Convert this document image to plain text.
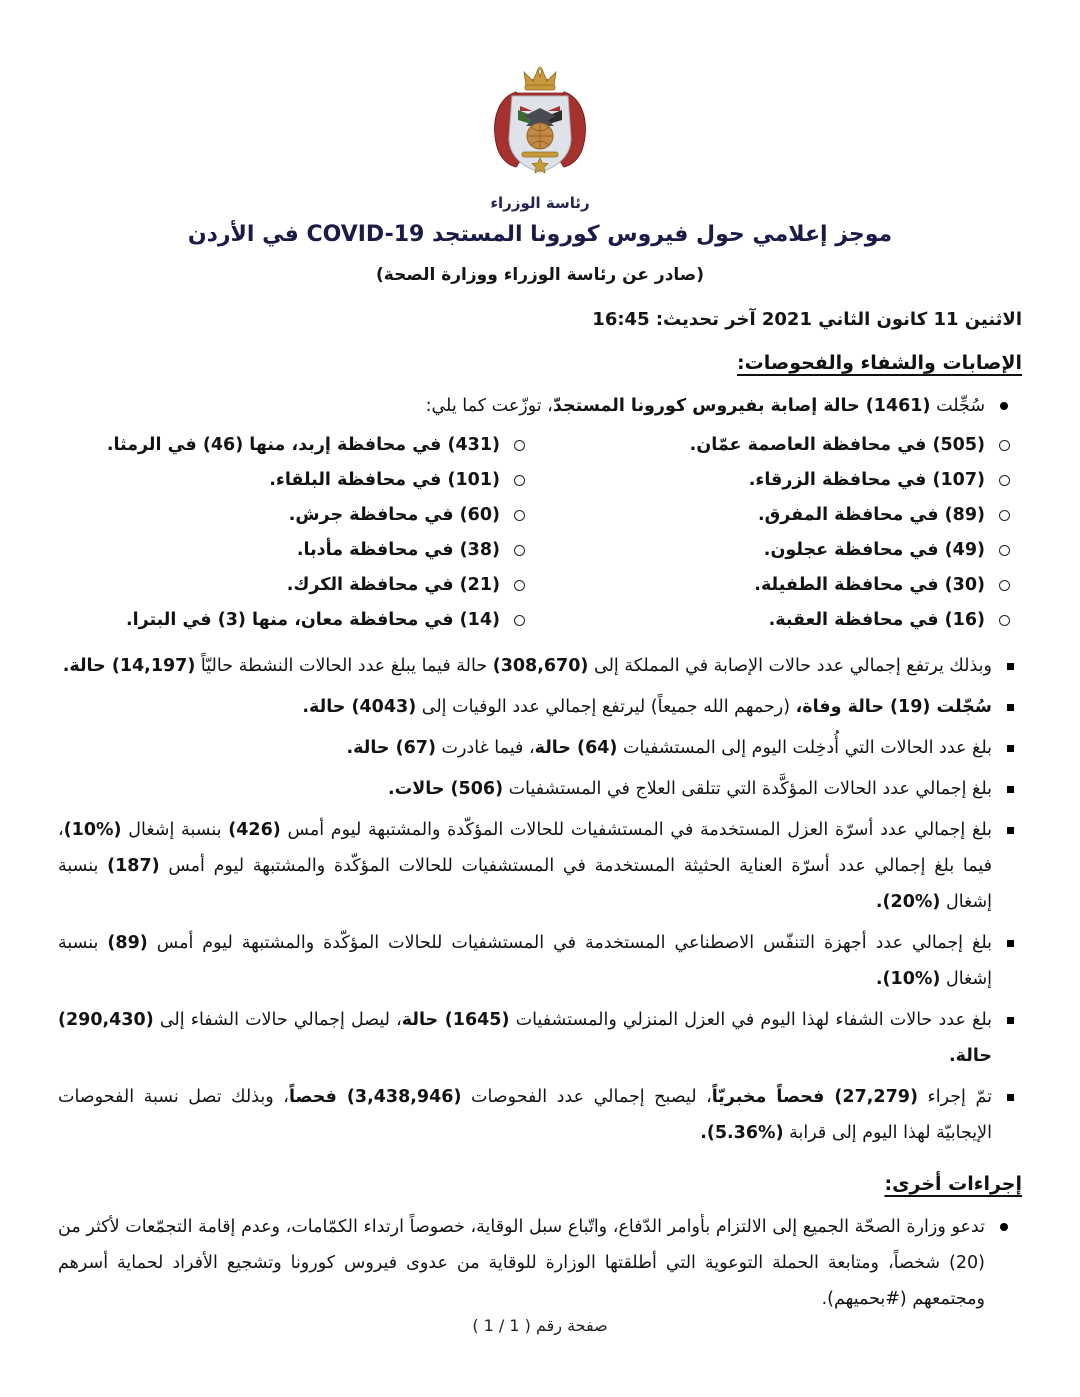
رئاسة الوزراء
موجز إعلامي حول فيروس كورونا المستجد COVID-19 في الأردن
(صادر عن رئاسة الوزراء ووزارة الصحة)
الاثنين 11 كانون الثاني 2021 آخر تحديث: 16:45
الإصابات والشفاء والفحوصات:

سُجِّلت (1461) حالة إصابة بفيروس كورونا المستجدّ، توزّعت كما يلي:

(505) في محافظة العاصمة عمّان.
(431) في محافظة إربد، منها (46) في الرمثا.
(107) في محافظة الزرقاء.
(101) في محافظة البلقاء.
(89) في محافظة المفرق.
(60) في محافظة جرش.
(49) في محافظة عجلون.
(38) في محافظة مأدبا.
(30) في محافظة الطفيلة.
(21) في محافظة الكرك.
(16) في محافظة العقبة.
(14) في محافظة معان، منها (3) في البترا.

وبذلك يرتفع إجمالي عدد حالات الإصابة في المملكة إلى (308,670) حالة فيما يبلغ عدد الحالات النشطة حاليّاً (14,197) حالة.

سُجّلت (19) حالة وفاة، (رحمهم الله جميعاً) ليرتفع إجمالي عدد الوفيات إلى (4043) حالة.

بلغ عدد الحالات التي أُدخِلت اليوم إلى المستشفيات (64) حالة، فيما غادرت (67) حالة.

بلغ إجمالي عدد الحالات المؤكَّدة التي تتلقى العلاج في المستشفيات (506) حالات.

بلغ إجمالي عدد أسرّة العزل المستخدمة في المستشفيات للحالات المؤكّدة والمشتبهة ليوم أمس (426) بنسبة إشغال (%10)، فيما بلغ إجمالي عدد أسرّة العناية الحثيثة المستخدمة في المستشفيات للحالات المؤكّدة والمشتبهة ليوم أمس (187) بنسبة إشغال (%20).

بلغ إجمالي عدد أجهزة التنفّس الاصطناعي المستخدمة في المستشفيات للحالات المؤكّدة والمشتبهة ليوم أمس (89) بنسبة إشغال (%10).

بلغ عدد حالات الشفاء لهذا اليوم في العزل المنزلي والمستشفيات (1645) حالة، ليصل إجمالي حالات الشفاء إلى (290,430) حالة.

تمّ إجراء (27,279) فحصاً مخبريّاً، ليصبح إجمالي عدد الفحوصات (3,438,946) فحصاً، وبذلك تصل نسبة الفحوصات الإيجابيّة لهذا اليوم إلى قرابة (%5.36).

إجراءات أخرى:

تدعو وزارة الصحّة الجميع إلى الالتزام بأوامر الدّفاع، واتّباع سبل الوقاية، خصوصاً ارتداء الكمّامات، وعدم إقامة التجمّعات لأكثر من (20) شخصاً، ومتابعة الحملة التوعوية التي أطلقتها الوزارة للوقاية من عدوى فيروس كورونا وتشجيع الأفراد لحماية أسرهم ومجتمعهم (#بحميهم).

صفحة رقم ( 1 / 1 )
